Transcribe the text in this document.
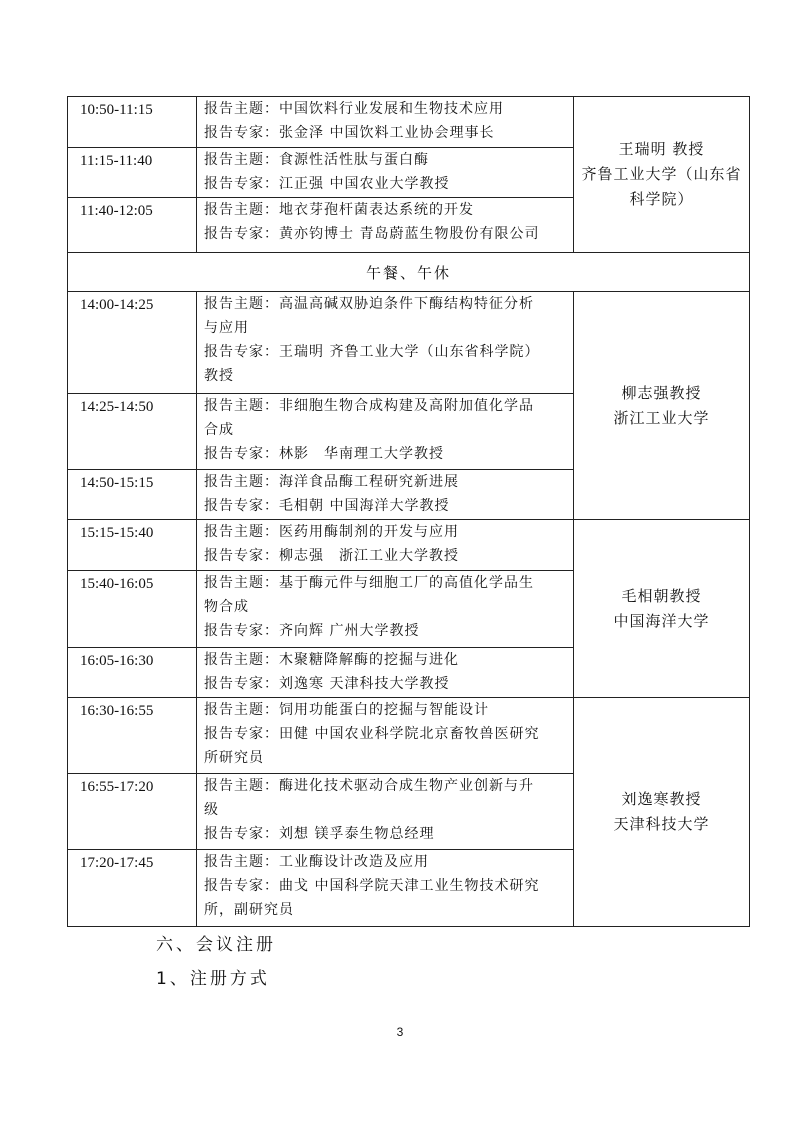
10:50-11:15	报告主题：中国饮料行业发展和生物技术应用
报告专家：张金泽 中国饮料工业协会理事长	王瑞明 教授
齐鲁工业大学（山东省
科学院）

11:15-11:40	报告主题：食源性活性肽与蛋白酶
报告专家：江正强 中国农业大学教授	

11:40-12:05	报告主题：地衣芽孢杆菌表达系统的开发
报告专家：黄亦钧博士 青岛蔚蓝生物股份有限公司	

午餐、午休		
14:00-14:25	报告主题：高温高碱双胁迫条件下酶结构特征分析
与应用
报告专家：王瑞明 齐鲁工业大学（山东省科学院）
教授	柳志强教授
浙江工业大学

14:25-14:50	报告主题：非细胞生物合成构建及高附加值化学品
合成
报告专家：林影　华南理工大学教授	

14:50-15:15	报告主题：海洋食品酶工程研究新进展
报告专家：毛相朝 中国海洋大学教授	

15:15-15:40	报告主题：医药用酶制剂的开发与应用
报告专家：柳志强　浙江工业大学教授	毛相朝教授
中国海洋大学

15:40-16:05	报告主题：基于酶元件与细胞工厂的高值化学品生
物合成
报告专家：齐向辉 广州大学教授	

16:05-16:30	报告主题：木聚糖降解酶的挖掘与进化
报告专家：刘逸寒 天津科技大学教授	

16:30-16:55	报告主题：饲用功能蛋白的挖掘与智能设计
报告专家：田健 中国农业科学院北京畜牧兽医研究
所研究员	刘逸寒教授
天津科技大学

16:55-17:20	报告主题：酶进化技术驱动合成生物产业创新与升
级
报告专家：刘想 镁孚泰生物总经理	

17:20-17:45	报告主题：工业酶设计改造及应用
报告专家：曲戈 中国科学院天津工业生物技术研究
所，副研究员	
六、会议注册
1、注册方式
3
